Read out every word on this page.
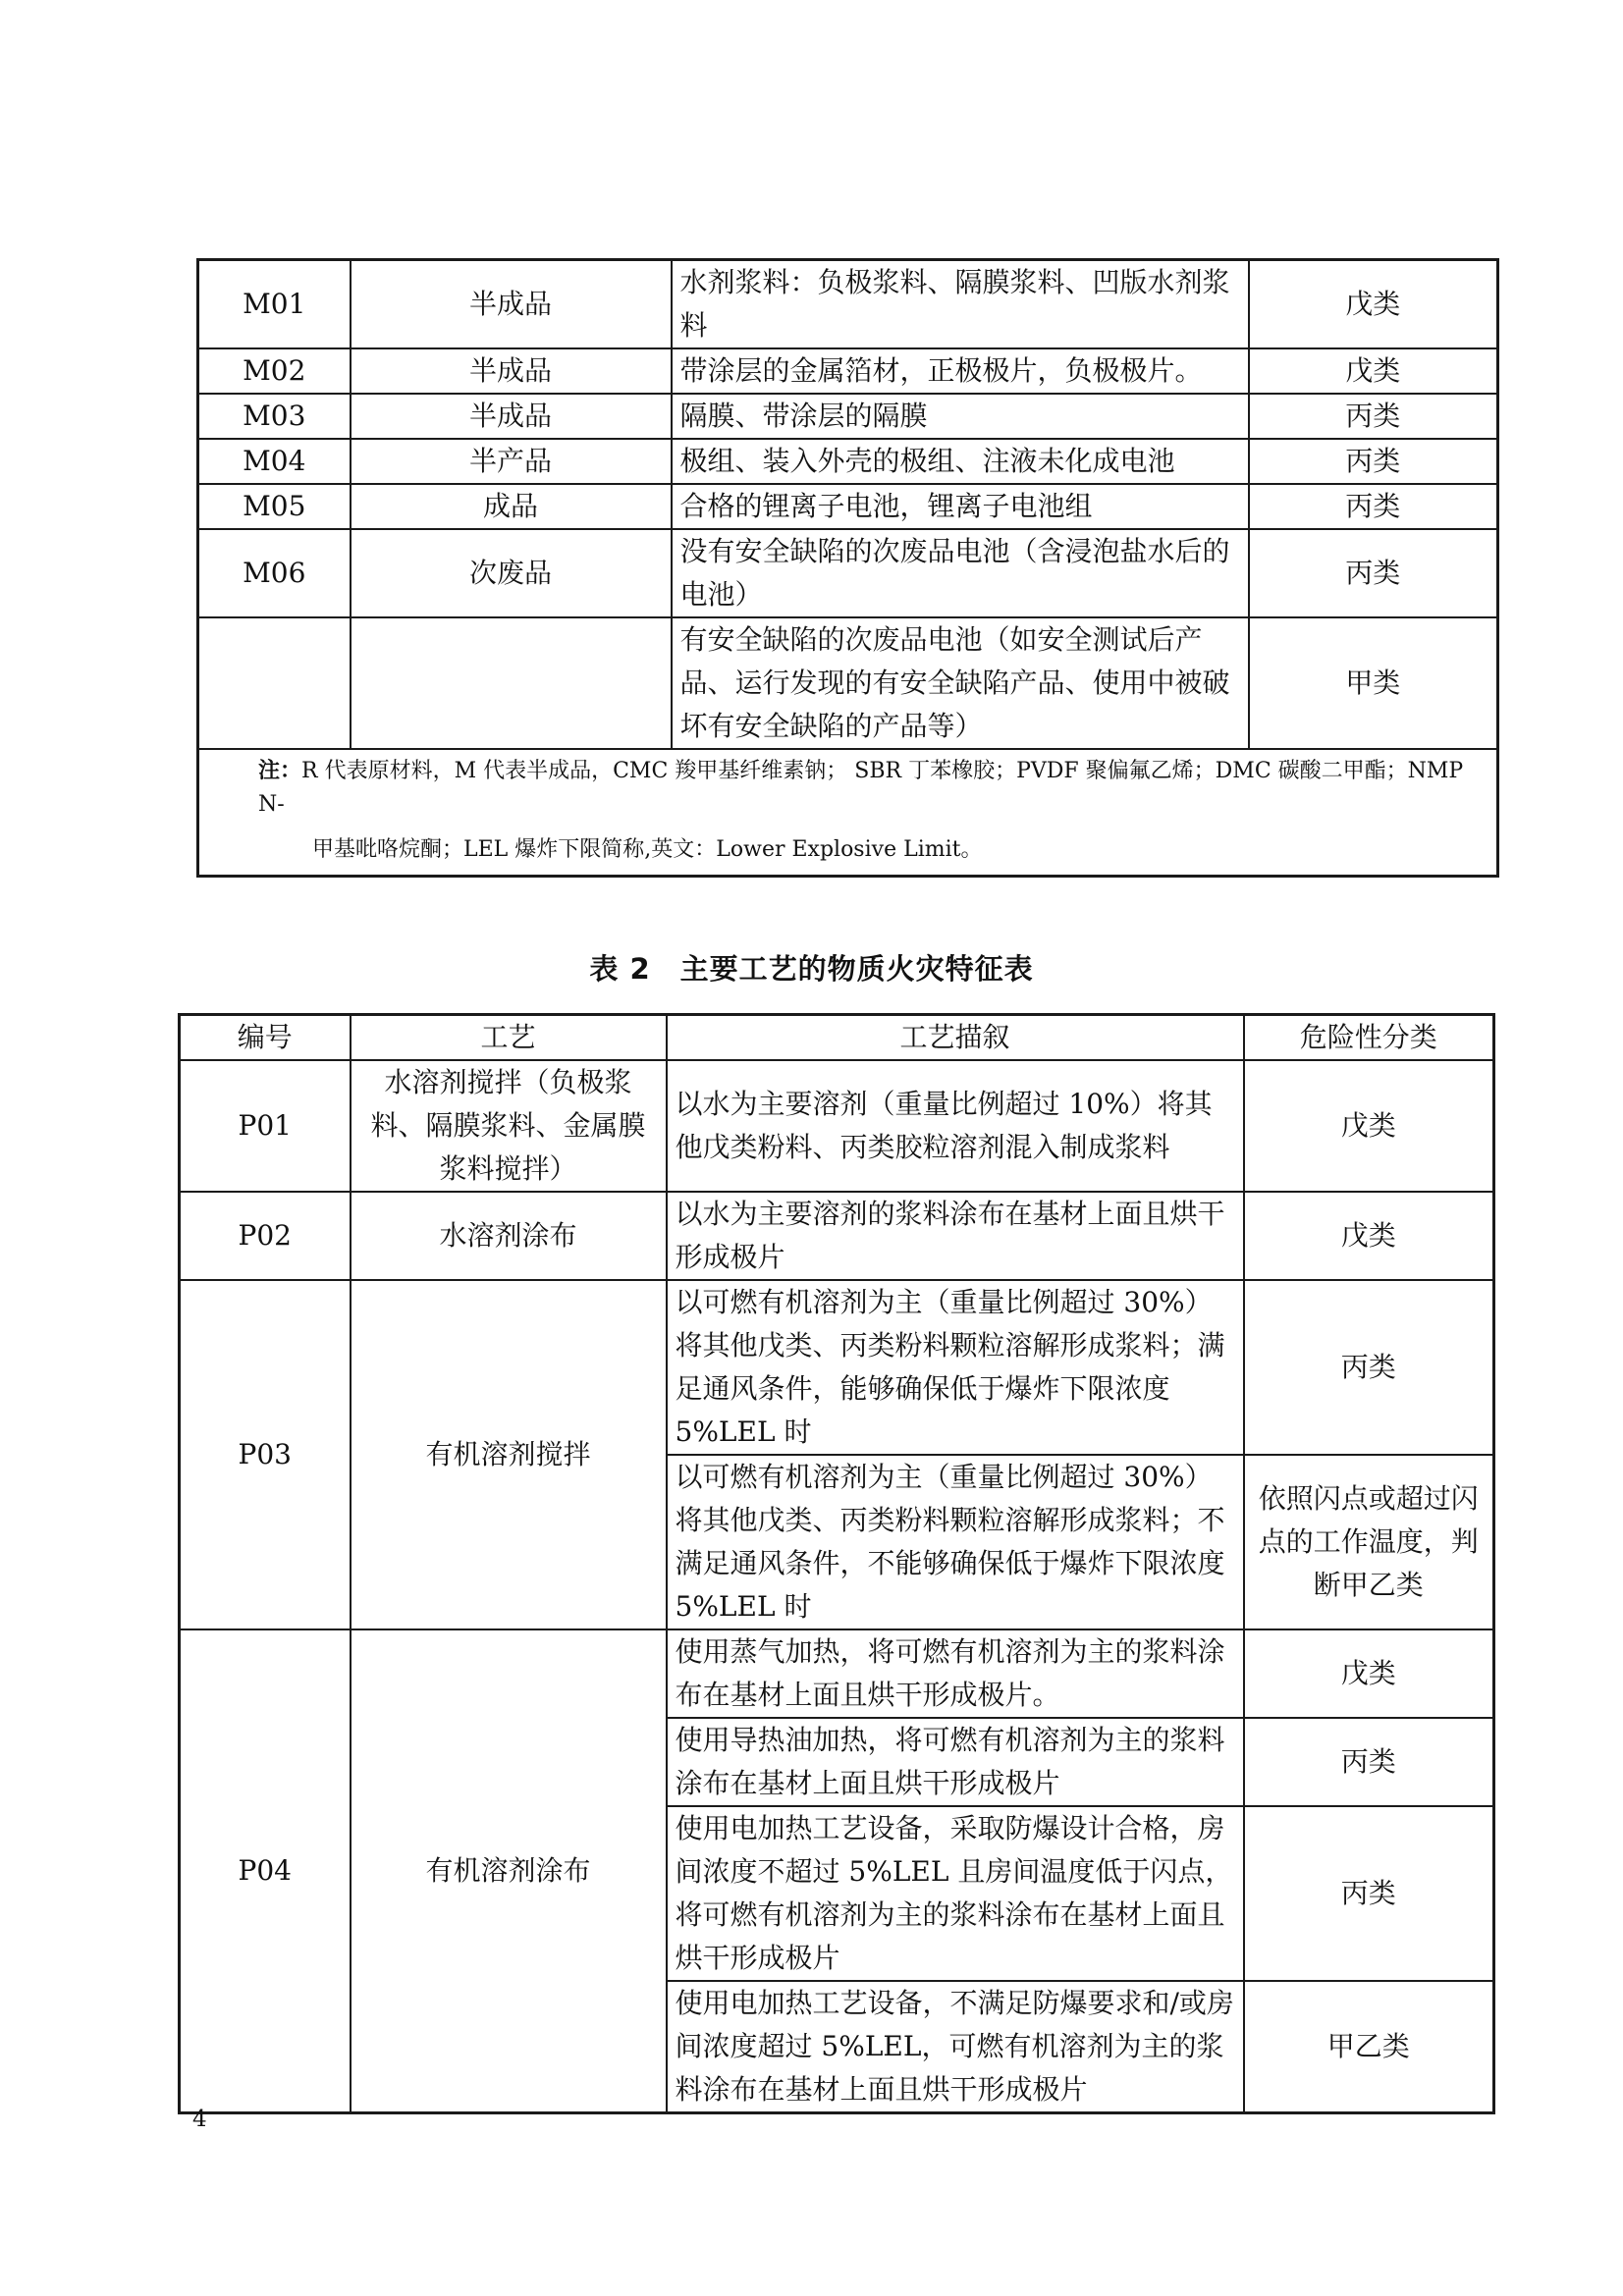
M01	半成品	水剂浆料：负极浆料、隔膜浆料、凹版水剂浆料	戊类
M02	半成品	带涂层的金属箔材，正极极片，负极极片。	戊类
M03	半成品	隔膜、带涂层的隔膜	丙类
M04	半产品	极组、装入外壳的极组、注液未化成电池	丙类
M05	成品	合格的锂离子电池，锂离子电池组	丙类
M06	次废品	没有安全缺陷的次废品电池（含浸泡盐水后的电池）	丙类
		有安全缺陷的次废品电池（如安全测试后产品、运行发现的有安全缺陷产品、使用中被破坏有安全缺陷的产品等）	甲类
注：R 代表原材料，M 代表半成品，CMC 羧甲基纤维素钠； SBR 丁苯橡胶；PVDF 聚偏氟乙烯；DMC 碳酸二甲酯；NMP N-
甲基吡咯烷酮；LEL 爆炸下限简称,英文：Lower Explosive Limit。			
表 2　主要工艺的物质火灾特征表
编号	工艺	工艺描叙	危险性分类
P01	水溶剂搅拌（负极浆料、隔膜浆料、金属膜浆料搅拌）	以水为主要溶剂（重量比例超过 10%）将其他戊类粉料、丙类胶粒溶剂混入制成浆料	戊类
P02	水溶剂涂布	以水为主要溶剂的浆料涂布在基材上面且烘干形成极片	戊类
P03	有机溶剂搅拌	以可燃有机溶剂为主（重量比例超过 30%）将其他戊类、丙类粉料颗粒溶解形成浆料；满足通风条件，能够确保低于爆炸下限浓度 5%LEL 时	丙类
		以可燃有机溶剂为主（重量比例超过 30%）将其他戊类、丙类粉料颗粒溶解形成浆料；不满足通风条件，不能够确保低于爆炸下限浓度 5%LEL 时	依照闪点或超过闪点的工作温度，判断甲乙类
P04	有机溶剂涂布	使用蒸气加热，将可燃有机溶剂为主的浆料涂布在基材上面且烘干形成极片。	戊类
		使用导热油加热，将可燃有机溶剂为主的浆料涂布在基材上面且烘干形成极片	丙类
		使用电加热工艺设备，采取防爆设计合格，房间浓度不超过 5%LEL 且房间温度低于闪点，将可燃有机溶剂为主的浆料涂布在基材上面且烘干形成极片	丙类
		使用电加热工艺设备，不满足防爆要求和/或房间浓度超过 5%LEL，可燃有机溶剂为主的浆料涂布在基材上面且烘干形成极片	甲乙类
4
